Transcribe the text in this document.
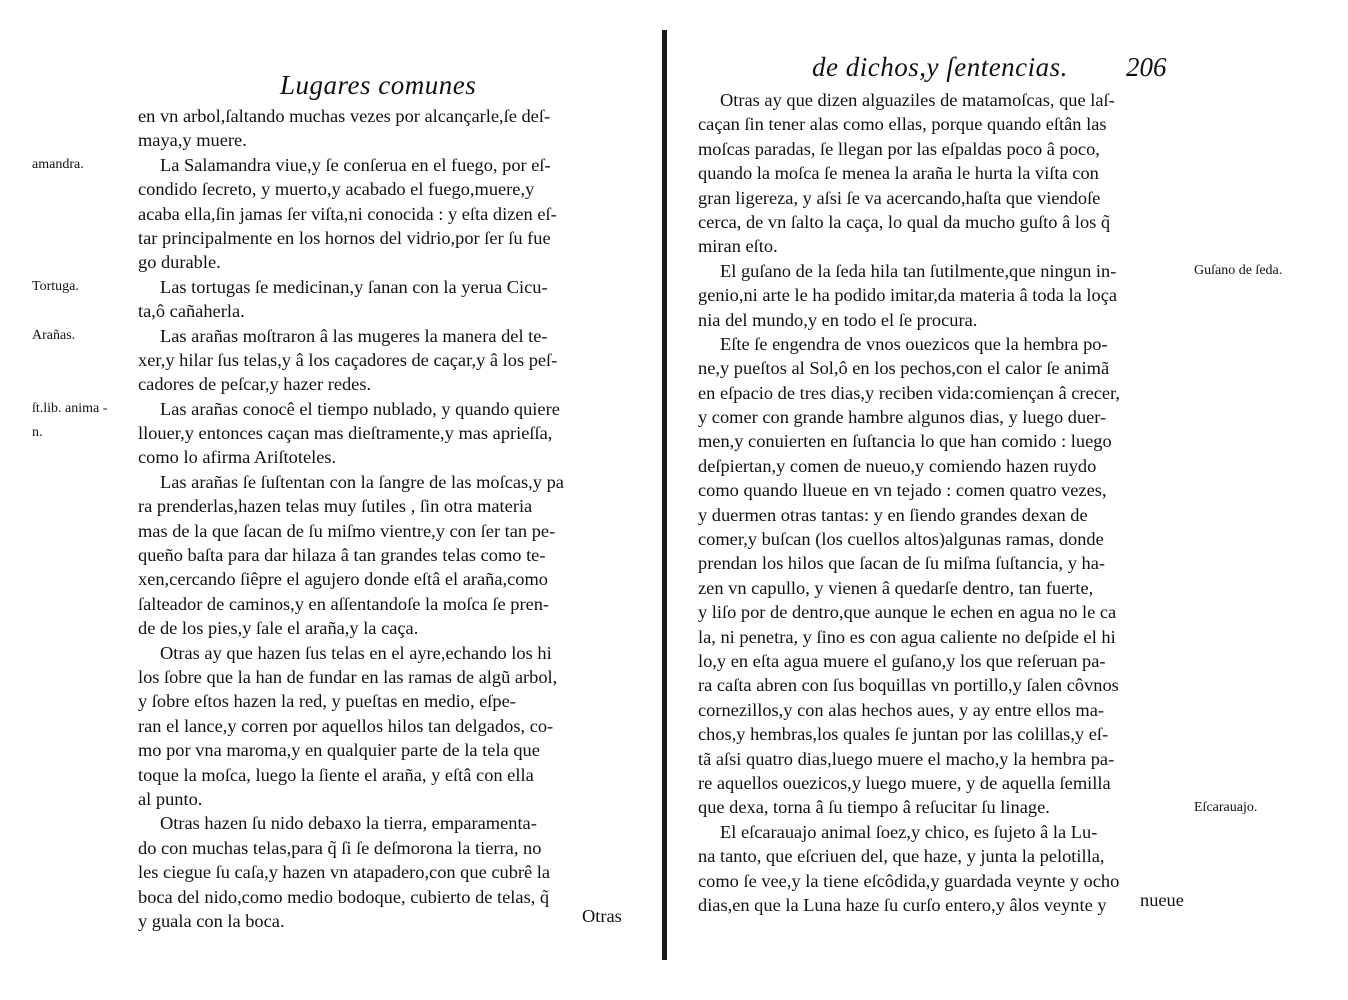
Lugares comunes
en vn arbol,ſaltando muchas vezes por alcançarle,ſe deſ-
maya,y muere.
La Salamandra viue,y ſe conſerua en el fuego, por eſ-
condido ſecreto, y muerto,y acabado el fuego,muere,y
acaba ella,ſin jamas ſer viſta,ni conocida : y eſta dizen eſ-
tar principalmente en los hornos del vidrio,por ſer ſu fue
go durable.
Las tortugas ſe medicinan,y ſanan con la yerua Cicu-
ta,ô cañaherla.
Las arañas moſtraron â las mugeres la manera del te-
xer,y hilar ſus telas,y â los caçadores de caçar,y â los peſ-
cadores de peſcar,y hazer redes.
Las arañas conocê el tiempo nublado, y quando quiere
llouer,y entonces caçan mas dieſtramente,y mas aprieſſa,
como lo afirma Ariſtoteles.
Las arañas ſe ſuſtentan con la ſangre de las moſcas,y pa
ra prenderlas,hazen telas muy ſutiles , ſin otra materia
mas de la que ſacan de ſu miſmo vientre,y con ſer tan pe-
queño baſta para dar hilaza â tan grandes telas como te-
xen,cercando ſiêpre el agujero donde eſtâ el araña,como
ſalteador de caminos,y en aſſentandoſe la moſca ſe pren-
de de los pies,y ſale el araña,y la caça.
Otras ay que hazen ſus telas en el ayre,echando los hi
los ſobre que la han de fundar en las ramas de algũ arbol,
y ſobre eſtos hazen la red, y pueſtas en medio, eſpe-
ran el lance,y corren por aquellos hilos tan delgados, co-
mo por vna maroma,y en qualquier parte de la tela que
toque la moſca, luego la ſiente el araña, y eſtâ con ella
al punto.
Otras hazen ſu nido debaxo la tierra, emparamenta-
do con muchas telas,para q̃ ſi ſe deſmorona la tierra, no
les ciegue ſu caſa,y hazen vn atapadero,con que cubrê la
boca del nido,como medio bodoque, cubierto de telas, q̃
y guala con la boca.
amandra.
Tortuga.
Arañas.
ſt.lib. anima -
n.
Otras
de dichos,y ſentencias. 206
Otras ay que dizen alguaziles de matamoſcas, que laſ-
caçan ſin tener alas como ellas, porque quando eſtân las
moſcas paradas, ſe llegan por las eſpaldas poco â poco,
quando la moſca ſe menea la araña le hurta la viſta con
gran ligereza, y aſsi ſe va acercando,haſta que viendoſe
cerca, de vn ſalto la caça, lo qual da mucho guſto â los q̃
miran eſto.
El guſano de la ſeda hila tan ſutilmente,que ningun in-
genio,ni arte le ha podido imitar,da materia â toda la loça
nia del mundo,y en todo el ſe procura.
Eſte ſe engendra de vnos ouezicos que la hembra po-
ne,y pueſtos al Sol,ô en los pechos,con el calor ſe animã
en eſpacio de tres dias,y reciben vida:comiençan â crecer,
y comer con grande hambre algunos dias, y luego duer-
men,y conuierten en ſuſtancia lo que han comido : luego
deſpiertan,y comen de nueuo,y comiendo hazen ruydo
como quando llueue en vn tejado : comen quatro vezes,
y duermen otras tantas: y en ſiendo grandes dexan de
comer,y buſcan (los cuellos altos)algunas ramas, donde
prendan los hilos que ſacan de ſu miſma ſuſtancia, y ha-
zen vn capullo, y vienen â quedarſe dentro, tan fuerte,
y liſo por de dentro,que aunque le echen en agua no le ca
la, ni penetra, y ſino es con agua caliente no deſpide el hi
lo,y en eſta agua muere el guſano,y los que reſeruan pa-
ra caſta abren con ſus boquillas vn portillo,y ſalen côvnos
cornezillos,y con alas hechos aues, y ay entre ellos ma-
chos,y hembras,los quales ſe juntan por las colillas,y eſ-
tã aſsi quatro dias,luego muere el macho,y la hembra pa-
re aquellos ouezicos,y luego muere, y de aquella ſemilla
que dexa, torna â ſu tiempo â reſucitar ſu linage.
El eſcarauajo animal ſoez,y chico, es ſujeto â la Lu-
na tanto, que eſcriuen del, que haze, y junta la pelotilla,
como ſe vee,y la tiene eſcôdida,y guardada veynte y ocho
dias,en que la Luna haze ſu curſo entero,y âlos veynte y
Guſano de ſeda.
Eſcarauajo.
nueue
